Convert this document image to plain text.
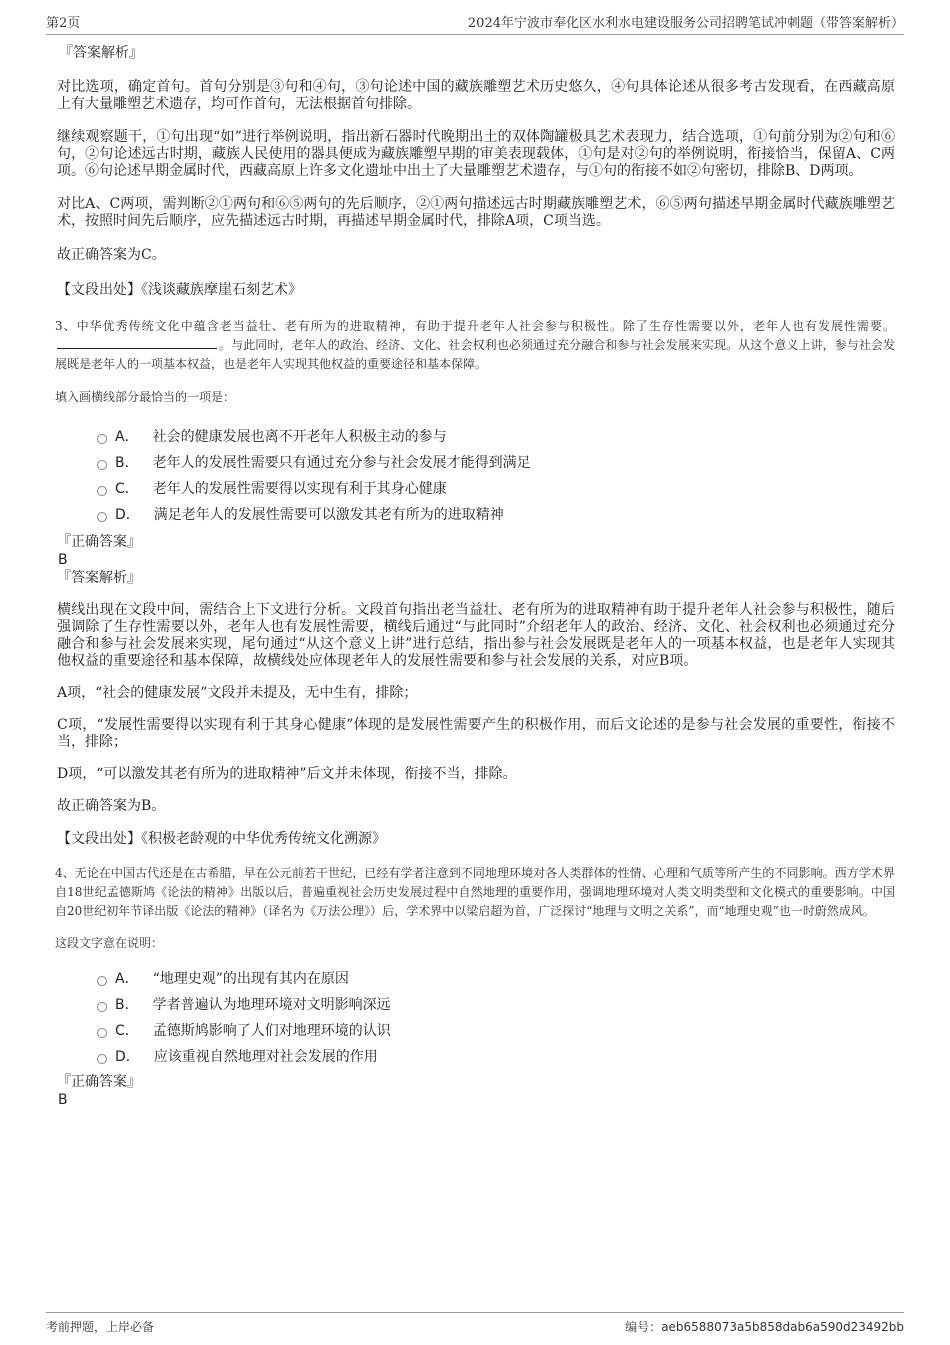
第2页	2024年宁波市奉化区水利水电建设服务公司招聘笔试冲刺题（带答案解析）
『答案解析』

对比选项，确定首句。首句分别是③句和④句，③句论述中国的藏族雕塑艺术历史悠久，④句具体论述从很多考古发现看，在西藏高原上有大量雕塑艺术遗存，均可作首句，无法根据首句排除。

继续观察题干，①句出现“如”进行举例说明，指出新石器时代晚期出土的双体陶罐极具艺术表现力，结合选项，①句前分别为②句和⑥句，②句论述远古时期，藏族人民使用的器具便成为藏族雕塑早期的审美表现载体，①句是对②句的举例说明，衔接恰当，保留A、C两项。⑥句论述早期金属时代，西藏高原上许多文化遗址中出土了大量雕塑艺术遗存，与①句的衔接不如②句密切，排除B、D两项。

对比A、C两项，需判断②①两句和⑥⑤两句的先后顺序，②①两句描述远古时期藏族雕塑艺术，⑥⑤两句描述早期金属时代藏族雕塑艺术，按照时间先后顺序，应先描述远古时期，再描述早期金属时代，排除A项，C项当选。

故正确答案为C。

【文段出处】《浅谈藏族摩崖石刻艺术》

3、中华优秀传统文化中蕴含老当益壮、老有所为的进取精神，有助于提升老年人社会参与积极性。除了生存性需要以外，老年人也有发展性需要。。与此同时，老年人的政治、经济、文化、社会权利也必须通过充分融合和参与社会发展来实现。从这个意义上讲，参与社会发展既是老年人的一项基本权益，也是老年人实现其他权益的重要途径和基本保障。

填入画横线部分最恰当的一项是：

A． 社会的健康发展也离不开老年人积极主动的参与
B． 老年人的发展性需要只有通过充分参与社会发展才能得到满足
C． 老年人的发展性需要得以实现有利于其身心健康
D． 满足老年人的发展性需要可以激发其老有所为的进取精神
『正确答案』
B
『答案解析』

横线出现在文段中间，需结合上下文进行分析。文段首句指出老当益壮、老有所为的进取精神有助于提升老年人社会参与积极性，随后强调除了生存性需要以外，老年人也有发展性需要，横线后通过“与此同时”介绍老年人的政治、经济、文化、社会权利也必须通过充分融合和参与社会发展来实现，尾句通过“从这个意义上讲”进行总结，指出参与社会发展既是老年人的一项基本权益，也是老年人实现其他权益的重要途径和基本保障，故横线处应体现老年人的发展性需要和参与社会发展的关系，对应B项。

A项，“社会的健康发展”文段并未提及，无中生有，排除；

C项，“发展性需要得以实现有利于其身心健康”体现的是发展性需要产生的积极作用，而后文论述的是参与社会发展的重要性，衔接不当，排除；

D项，“可以激发其老有所为的进取精神”后文并未体现，衔接不当，排除。

故正确答案为B。

【文段出处】《积极老龄观的中华优秀传统文化溯源》

4、无论在中国古代还是在古希腊，早在公元前若干世纪，已经有学者注意到不同地理环境对各人类群体的性情、心理和气质等所产生的不同影响。西方学术界自18世纪孟德斯鸠《论法的精神》出版以后，普遍重视社会历史发展过程中自然地理的重要作用，强调地理环境对人类文明类型和文化模式的重要影响。中国自20世纪初年节译出版《论法的精神》（译名为《万法公理》）后，学术界中以梁启超为首，广泛探讨“地理与文明之关系”，而“地理史观”也一时蔚然成风。

这段文字意在说明：

A． “地理史观”的出现有其内在原因
B． 学者普遍认为地理环境对文明影响深远
C． 孟德斯鸠影响了人们对地理环境的认识
D． 应该重视自然地理对社会发展的作用
『正确答案』
B
考前押题，上岸必备	编号：aeb6588073a5b858dab6a590d23492bb
